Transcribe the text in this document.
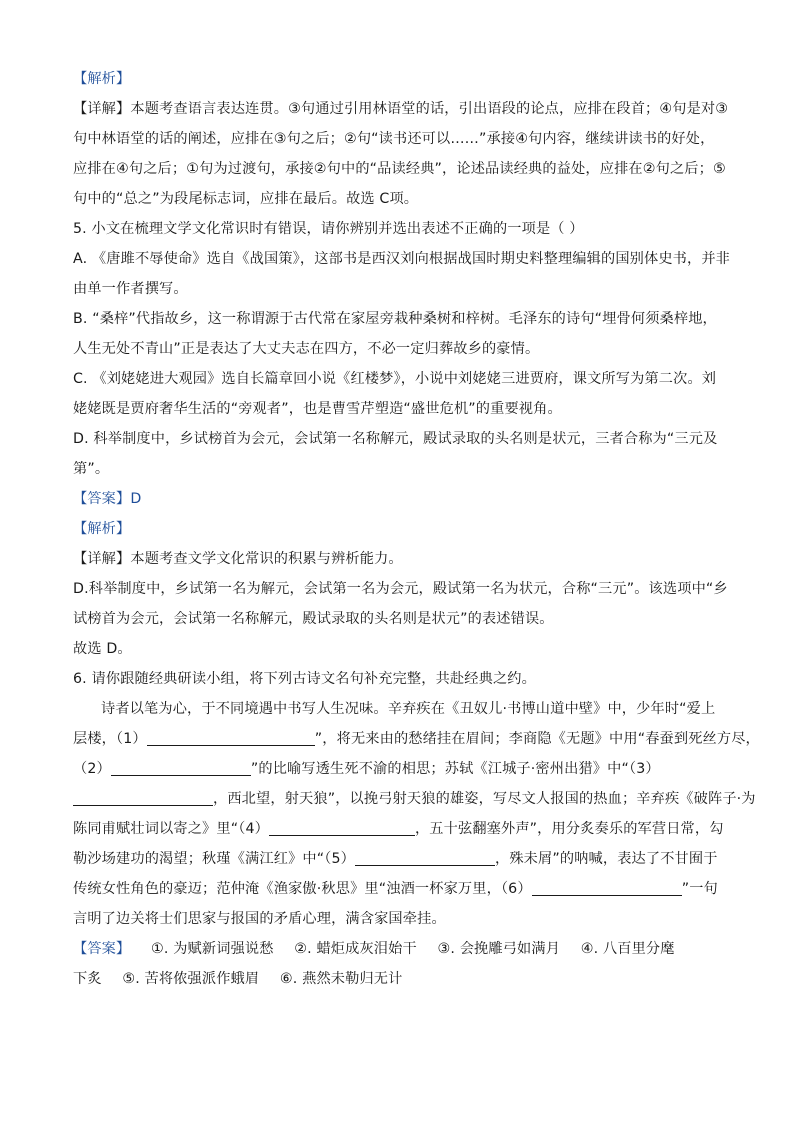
【解析】
【详解】本题考查语言表达连贯。③句通过引用林语堂的话，引出语段的论点，应排在段首；④句是对③
句中林语堂的话的阐述，应排在③句之后；②句“读书还可以……”承接④句内容，继续讲读书的好处，
应排在④句之后；①句为过渡句，承接②句中的“品读经典”，论述品读经典的益处，应排在②句之后；⑤
句中的“总之”为段尾标志词，应排在最后。故选 C项。
5. 小文在梳理文学文化常识时有错误，请你辨别并选出表述不正确的一项是（ ）
A. 《唐雎不辱使命》选自《战国策》，这部书是西汉刘向根据战国时期史料整理编辑的国别体史书，并非
由单一作者撰写。
B. “桑梓”代指故乡，这一称谓源于古代常在家屋旁栽种桑树和梓树。毛泽东的诗句“埋骨何须桑梓地，
人生无处不青山”正是表达了大丈夫志在四方，不必一定归葬故乡的豪情。
C. 《刘姥姥进大观园》选自长篇章回小说《红楼梦》，小说中刘姥姥三进贾府，课文所写为第二次。刘
姥姥既是贾府奢华生活的“旁观者”，也是曹雪芹塑造“盛世危机”的重要视角。
D. 科举制度中，乡试榜首为会元，会试第一名称解元，殿试录取的头名则是状元，三者合称为“三元及
第”。
【答案】D
【解析】
【详解】本题考查文学文化常识的积累与辨析能力。
D.科举制度中，乡试第一名为解元，会试第一名为会元，殿试第一名为状元，合称“三元”。该选项中“乡
试榜首为会元，会试第一名称解元，殿试录取的头名则是状元”的表述错误。
故选 D。
6. 请你跟随经典研读小组，将下列古诗文名句补充完整，共赴经典之约。
诗者以笔为心，于不同境遇中书写人生况味。辛弃疾在《丑奴儿·书博山道中壁》中，少年时“爱上
层楼，（1）	”，将无来由的愁绪挂在眉间；李商隐《无题》中用“春蚕到死丝方尽，
（2）	”的比喻写透生死不渝的相思；苏轼《江城子·密州出猎》中“（3）
，西北望，射天狼”，以挽弓射天狼的雄姿，写尽文人报国的热血；辛弃疾《破阵子·为
陈同甫赋壮词以寄之》里“（4）	，五十弦翻塞外声”，用分炙奏乐的军营日常，勾
勒沙场建功的渴望；秋瑾《满江红》中“（5）	，殊未屑”的呐喊，表达了不甘囿于
传统女性角色的豪迈；范仲淹《渔家傲·秋思》里“浊酒一杯家万里，（6）	”一句
言明了边关将士们思家与报国的矛盾心理，满含家国牵挂。
【答案】 ①. 为赋新词强说愁 ②. 蜡炬成灰泪始干 ③. 会挽雕弓如满月 ④. 八百里分麾
下炙 ⑤. 苦将侬强派作蛾眉 ⑥. 燕然未勒归无计
